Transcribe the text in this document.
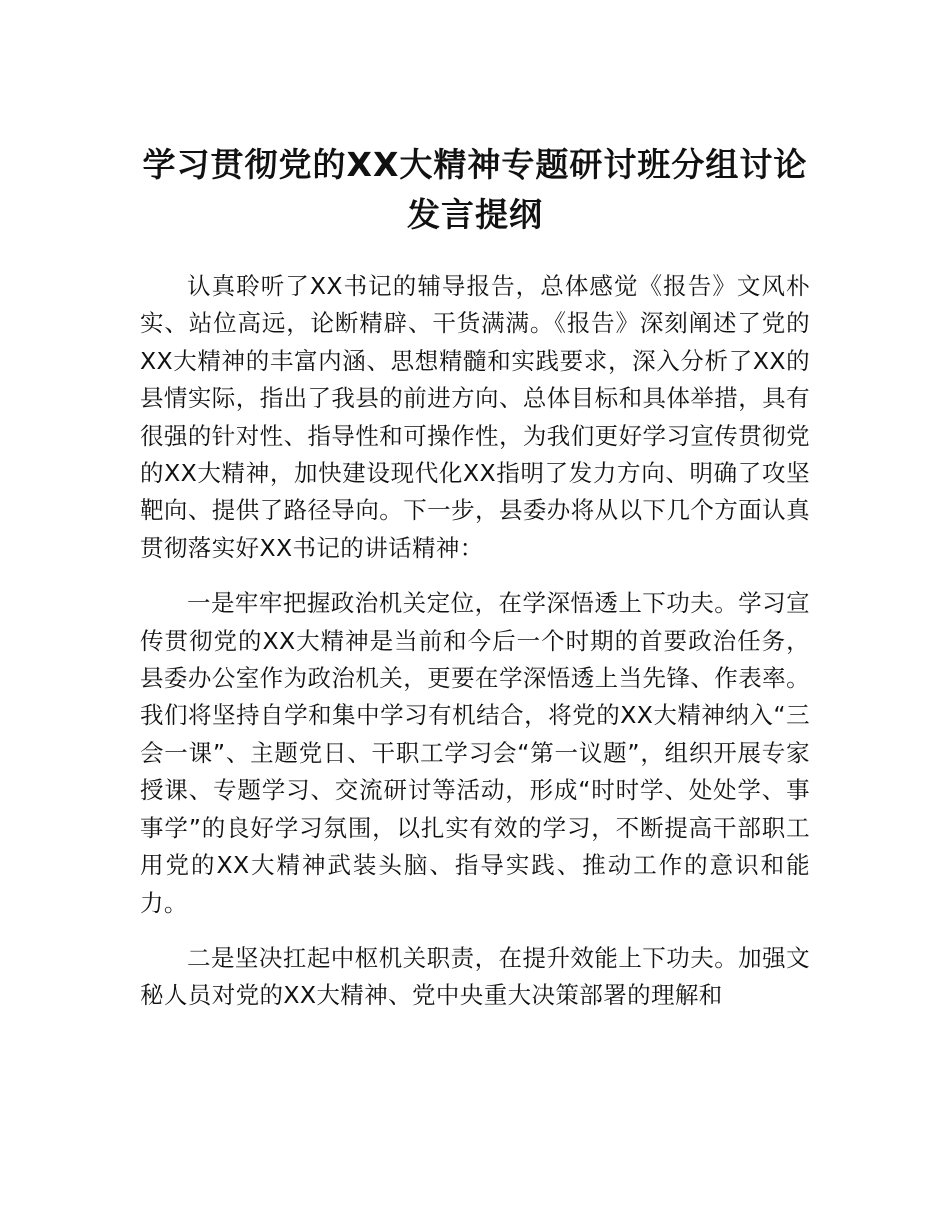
学习贯彻党的XX大精神专题研讨班分组讨论发言提纲

认真聆听了XX书记的辅导报告，总体感觉《报告》文风朴实、站位高远，论断精辟、干货满满。《报告》深刻阐述了党的XX大精神的丰富内涵、思想精髓和实践要求，深入分析了XX的县情实际，指出了我县的前进方向、总体目标和具体举措，具有很强的针对性、指导性和可操作性，为我们更好学习宣传贯彻党的XX大精神，加快建设现代化XX指明了发力方向、明确了攻坚靶向、提供了路径导向。下一步，县委办将从以下几个方面认真贯彻落实好XX书记的讲话精神：

一是牢牢把握政治机关定位，在学深悟透上下功夫。学习宣传贯彻党的XX大精神是当前和今后一个时期的首要政治任务，县委办公室作为政治机关，更要在学深悟透上当先锋、作表率。我们将坚持自学和集中学习有机结合，将党的XX大精神纳入“三会一课”、主题党日、干职工学习会“第一议题”，组织开展专家授课、专题学习、交流研讨等活动，形成“时时学、处处学、事事学”的良好学习氛围，以扎实有效的学习，不断提高干部职工用党的XX大精神武装头脑、指导实践、推动工作的意识和能力。

二是坚决扛起中枢机关职责，在提升效能上下功夫。加强文秘人员对党的XX大精神、党中央重大决策部署的理解和
